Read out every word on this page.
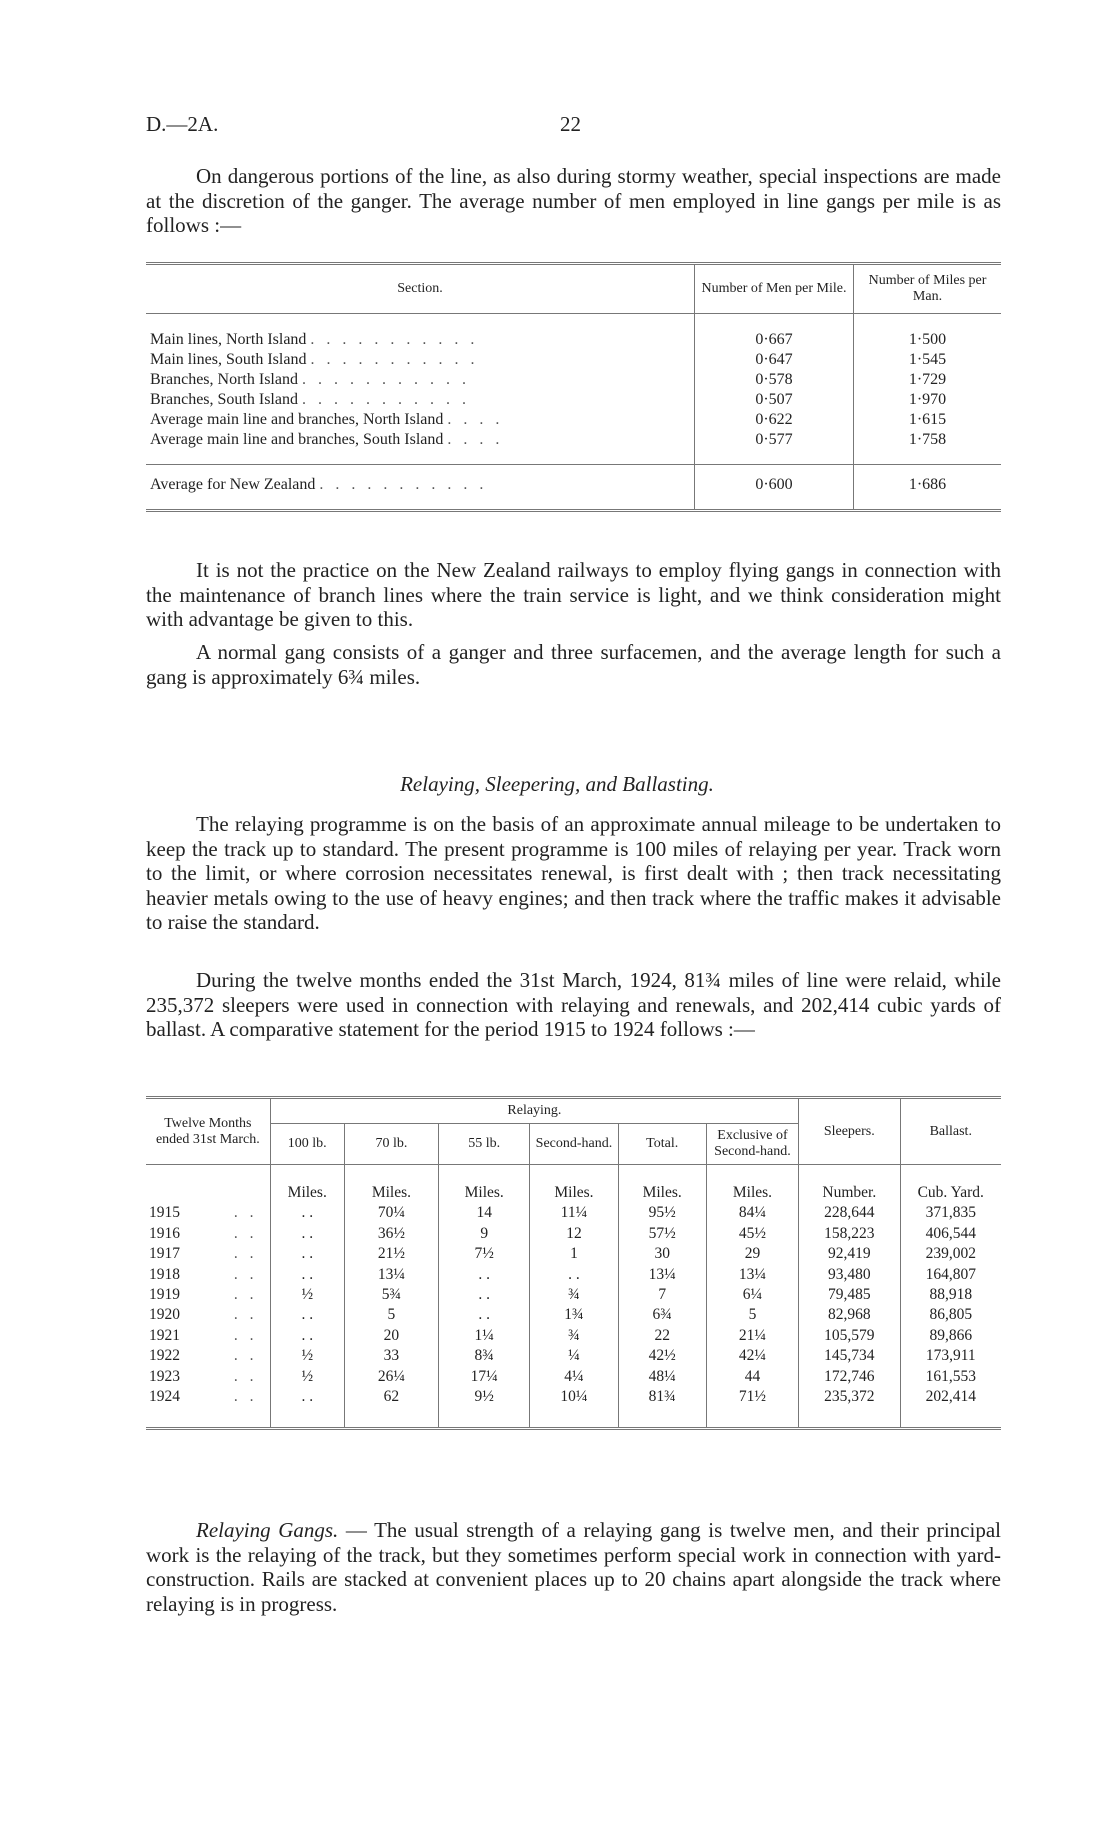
D.—2A.	22

On dangerous portions of the line, as also during stormy weather, special inspections are made at the discretion of the ganger. The average number of men employed in line gangs per mile is as follows :—

Section.	Number of Men per Mile.	Number of Miles per Man.
Main lines, North Island . . . . . . . . . . .	0·667	1·500
Main lines, South Island . . . . . . . . . . .	0·647	1·545
Branches, North Island . . . . . . . . . . .	0·578	1·729
Branches, South Island . . . . . . . . . . .	0·507	1·970
Average main line and branches, North Island . . . .	0·622	1·615
Average main line and branches, South Island . . . .	0·577	1·758
Average for New Zealand . . . . . . . . . . .	0·600	1·686

It is not the practice on the New Zealand railways to employ flying gangs in connection with the maintenance of branch lines where the train service is light, and we think consideration might with advantage be given to this.

A normal gang consists of a ganger and three surfacemen, and the average length for such a gang is approximately 6¾ miles.

Relaying, Sleepering, and Ballasting.

The relaying programme is on the basis of an approximate annual mileage to be undertaken to keep the track up to standard. The present programme is 100 miles of relaying per year. Track worn to the limit, or where corrosion necessitates renewal, is first dealt with ; then track necessitating heavier metals owing to the use of heavy engines; and then track where the traffic makes it advisable to raise the standard.

During the twelve months ended the 31st March, 1924, 81¾ miles of line were relaid, while 235,372 sleepers were used in connection with relaying and renewals, and 202,414 cubic yards of ballast. A comparative statement for the period 1915 to 1924 follows :—

Twelve Months ended 31st March.	Relaying.						Sleepers.	Ballast.
	100 lb.	70 lb.	55 lb.	Second-hand.	Total.	Exclusive of Second-hand.		
	Miles.	Miles.	Miles.	Miles.	Miles.	Miles.	Number.	Cub. Yard.
1915 . .	. .	70¼	14	11¼	95½	84¼	228,644	371,835
1916 . .	. .	36½	9	12	57½	45½	158,223	406,544
1917 . .	. .	21½	7½	1	30	29	92,419	239,002
1918 . .	. .	13¼	. .	. .	13¼	13¼	93,480	164,807
1919 . .	½	5¾	. .	¾	7	6¼	79,485	88,918
1920 . .	. .	5	. .	1¾	6¾	5	82,968	86,805
1921 . .	. .	20	1¼	¾	22	21¼	105,579	89,866
1922 . .	½	33	8¾	¼	42½	42¼	145,734	173,911
1923 . .	½	26¼	17¼	4¼	48¼	44	172,746	161,553
1924 . .	. .	62	9½	10¼	81¾	71½	235,372	202,414

Relaying Gangs. — The usual strength of a relaying gang is twelve men, and their principal work is the relaying of the track, but they sometimes perform special work in connection with yard-construction. Rails are stacked at convenient places up to 20 chains apart alongside the track where relaying is in progress.
